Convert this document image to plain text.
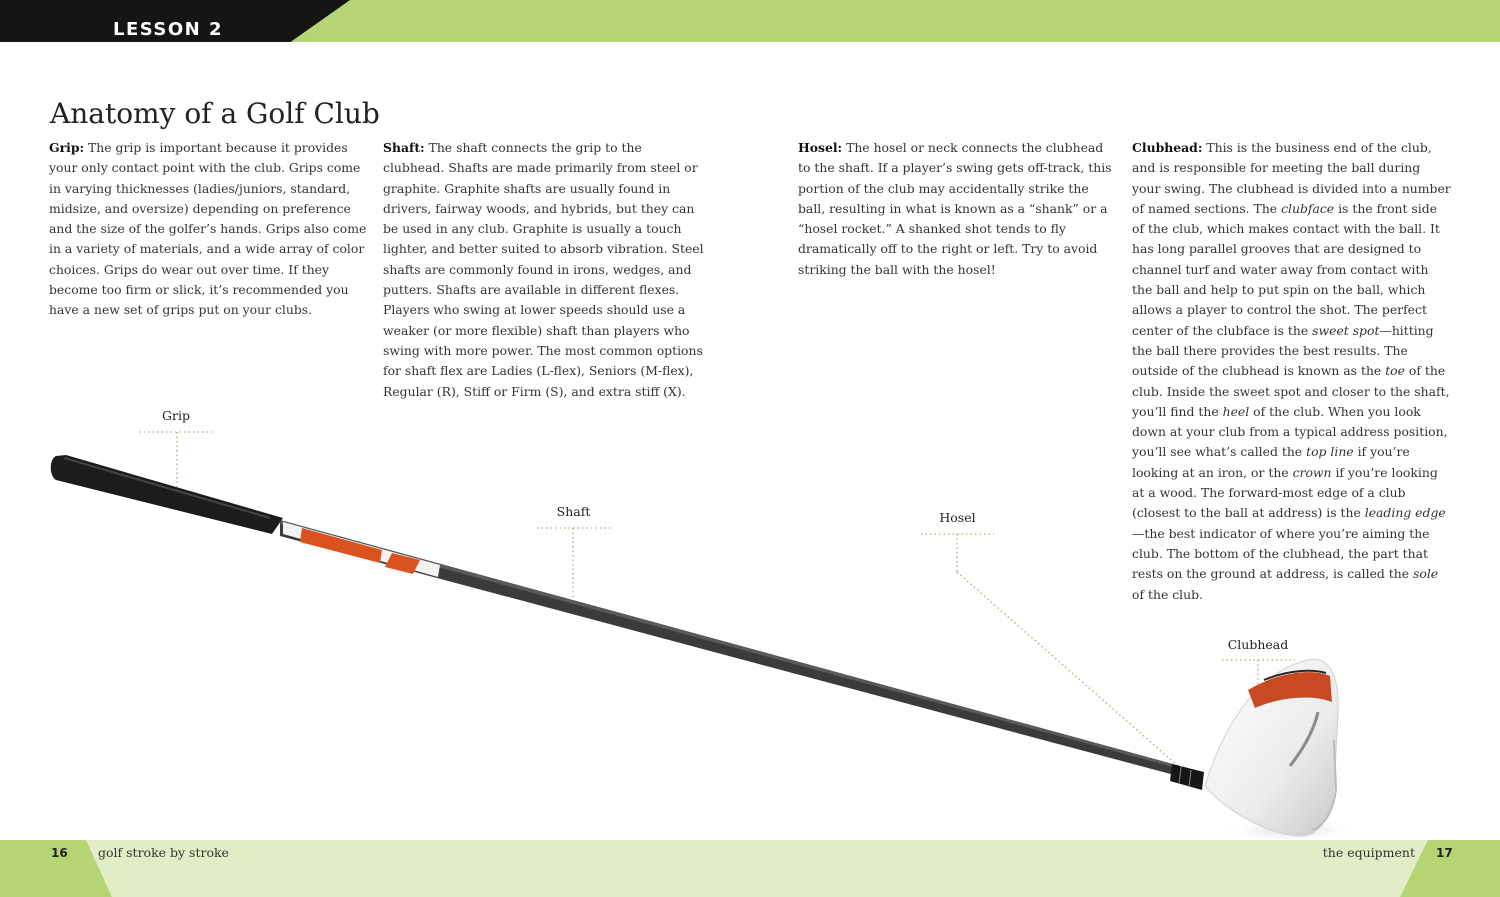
LESSON 2
Anatomy of a Golf Club

Grip: The grip is important because it provides your only contact point with the club. Grips come in varying thicknesses (ladies/juniors, standard, midsize, and oversize) depending on preference and the size of the golfer’s hands. Grips also come in a variety of materials, and a wide array of color choices. Grips do wear out over time. If they become too firm or slick, it’s recommended you have a new set of grips put on your clubs.

Shaft: The shaft connects the grip to the clubhead. Shafts are made primarily from steel or graphite. Graphite shafts are usually found in drivers, fairway woods, and hybrids, but they can be used in any club. Graphite is usually a touch lighter, and better suited to absorb vibration. Steel shafts are commonly found in irons, wedges, and putters. Shafts are available in different flexes. Players who swing at lower speeds should use a weaker (or more flexible) shaft than players who swing with more power. The most common options for shaft flex are Ladies (L-flex), Seniors (M-flex), Regular (R), Stiff or Firm (S), and extra stiff (X).

Hosel: The hosel or neck connects the clubhead to the shaft. If a player’s swing gets off-track, this portion of the club may accidentally strike the ball, resulting in what is known as a “shank” or a “hosel rocket.” A shanked shot tends to fly dramatically off to the right or left. Try to avoid striking the ball with the hosel!

Clubhead: This is the business end of the club, and is responsible for meeting the ball during your swing. The clubhead is divided into a number of named sections. The clubface is the front side of the club, which makes contact with the ball. It has long parallel grooves that are designed to channel turf and water away from contact with the ball and help to put spin on the ball, which allows a player to control the shot. The perfect center of the clubface is the sweet spot—hitting the ball there provides the best results. The outside of the clubhead is known as the toe of the club. Inside the sweet spot and closer to the shaft, you’ll find the heel of the club. When you look down at your club from a typical address position, you’ll see what’s called the top line if you’re looking at an iron, or the crown if you’re looking at a wood. The forward-most edge of a club (closest to the ball at address) is the leading edge—the best indicator of where you’re aiming the club. The bottom of the clubhead, the part that rests on the ground at address, is called the sole of the club.

Grip
Shaft	Hosel
Clubhead
16 golf stroke by stroke	the equipment 17
